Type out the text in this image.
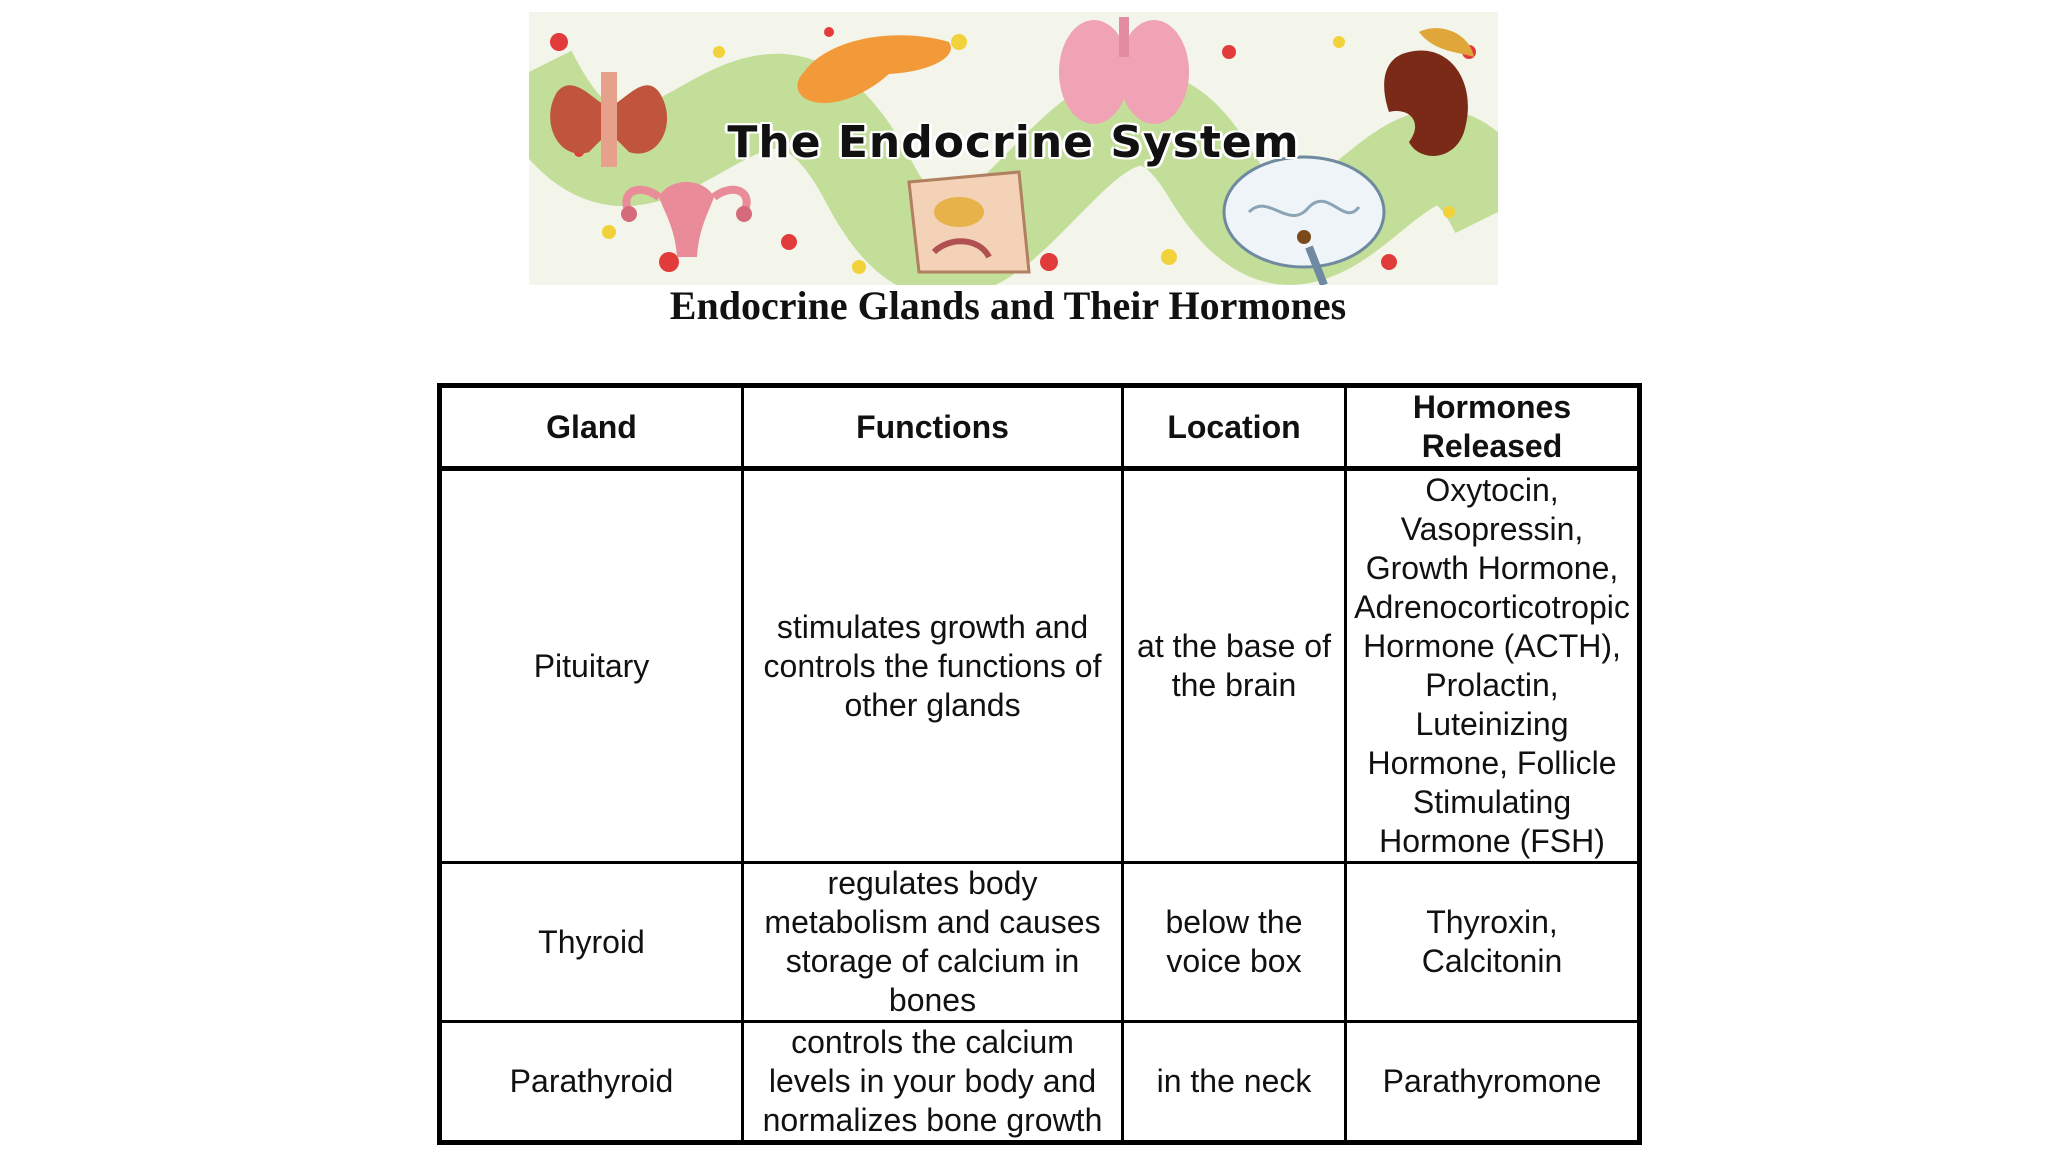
The Endocrine System
Endocrine Glands and Their Hormones
Gland	Functions	Location	Hormones Released
Pituitary	stimulates growth and controls the functions of other glands	at the base of the brain	Oxytocin, Vasopressin, Growth Hormone, Adrenocorticotropic Hormone (ACTH), Prolactin, Luteinizing Hormone, Follicle Stimulating Hormone (FSH)
Thyroid	regulates body metabolism and causes storage of calcium in bones	below the voice box	Thyroxin, Calcitonin
Parathyroid	controls the calcium levels in your body and normalizes bone growth	in the neck	Parathyromone
